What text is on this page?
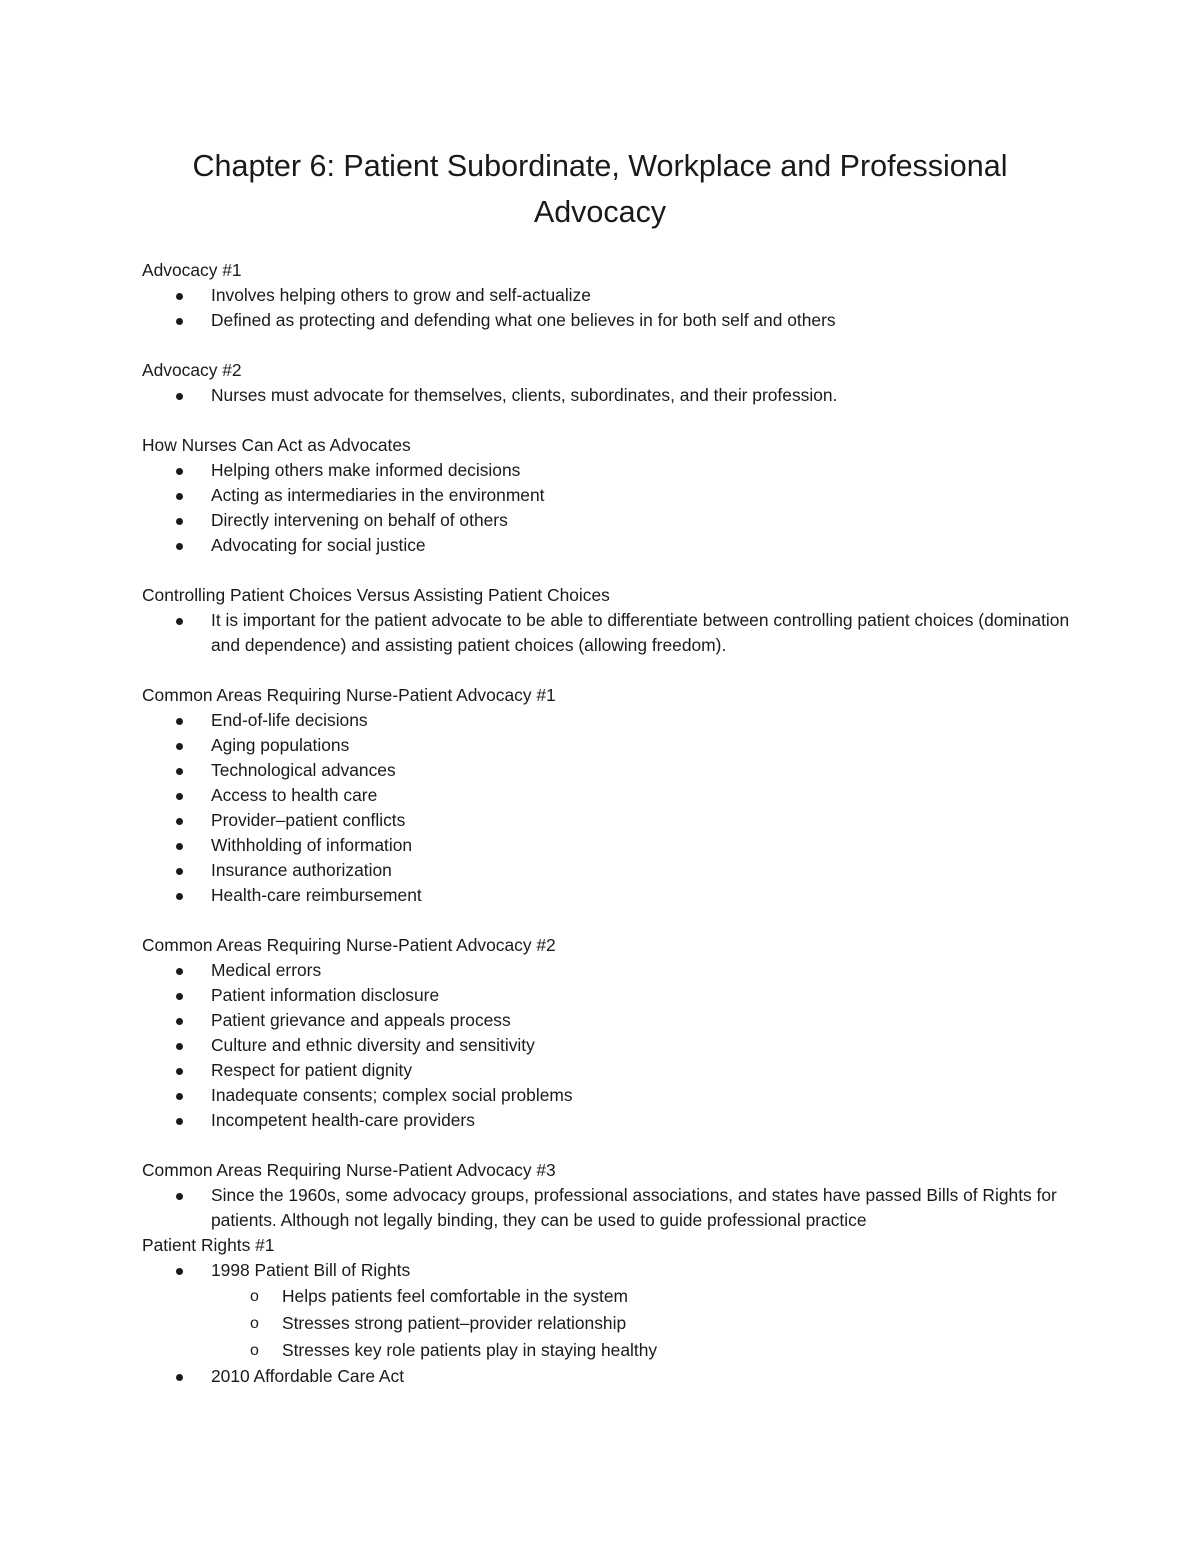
Chapter 6: Patient Subordinate, Workplace and Professional
Advocacy
Advocacy #1
Involves helping others to grow and self-actualize
Defined as protecting and defending what one believes in for both self and others
Advocacy #2
Nurses must advocate for themselves, clients, subordinates, and their profession.
How Nurses Can Act as Advocates
Helping others make informed decisions
Acting as intermediaries in the environment
Directly intervening on behalf of others
Advocating for social justice
Controlling Patient Choices Versus Assisting Patient Choices
It is important for the patient advocate to be able to differentiate between controlling patient choices (domination and dependence) and assisting patient choices (allowing freedom).
Common Areas Requiring Nurse-Patient Advocacy #1
End-of-life decisions
Aging populations
Technological advances
Access to health care
Provider–patient conflicts
Withholding of information
Insurance authorization
Health-care reimbursement
Common Areas Requiring Nurse-Patient Advocacy #2
Medical errors
Patient information disclosure
Patient grievance and appeals process
Culture and ethnic diversity and sensitivity
Respect for patient dignity
Inadequate consents; complex social problems
Incompetent health-care providers
Common Areas Requiring Nurse-Patient Advocacy #3
Since the 1960s, some advocacy groups, professional associations, and states have passed Bills of Rights for patients. Although not legally binding, they can be used to guide professional practice
Patient Rights #1
1998 Patient Bill of Rights
o Helps patients feel comfortable in the system
o Stresses strong patient–provider relationship
o Stresses key role patients play in staying healthy
2010 Affordable Care Act
